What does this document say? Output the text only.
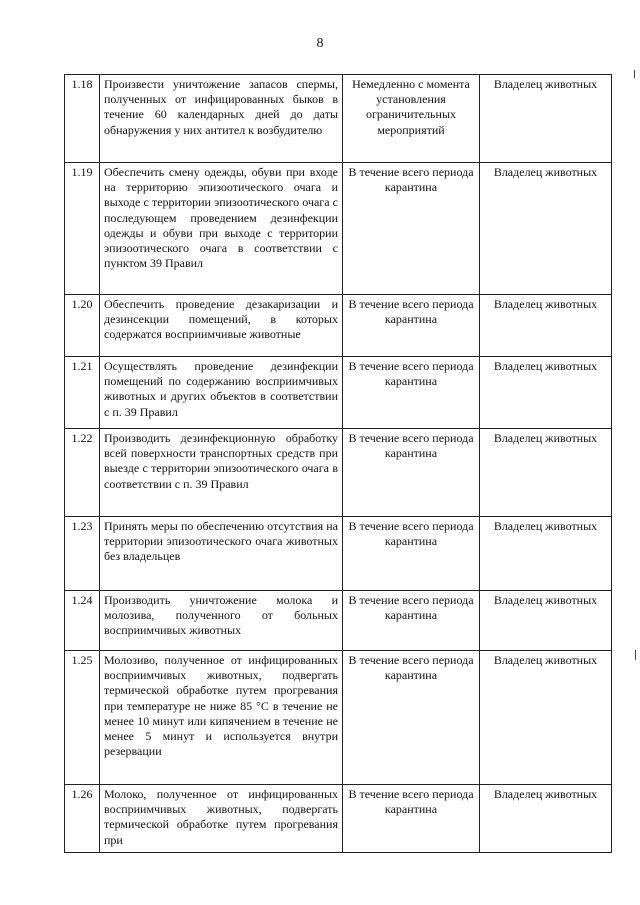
8
1.18	Произвести уничтожение запасов спермы, полученных от инфицированных быков в течение 60 календарных дней до даты обнаружения у них антител к возбудителю	Немедленно с момента установления ограничительных мероприятий	Владелец животных
1.19	Обеспечить смену одежды, обуви при входе на территорию эпизоотического очага и выходе с территории эпизоотического очага с последующем проведением дезинфекции одежды и обуви при выходе с территории эпизоотического очага в соответствии с пунктом 39 Правил	В течение всего периода карантина	Владелец животных
1.20	Обеспечить проведение дезакаризации и дезинсекции помещений, в которых содержатся восприимчивые животные	В течение всего периода карантина	Владелец животных
1.21	Осуществлять проведение дезинфекции помещений по содержанию восприимчивых животных и других объектов в соответствии с п. 39 Правил	В течение всего периода карантина	Владелец животных
1.22	Производить дезинфекционную обработку всей поверхности транспортных средств при выезде с территории эпизоотического очага в соответствии с п. 39 Правил	В течение всего периода карантина	Владелец животных
1.23	Принять меры по обеспечению отсутствия на территории эпизоотического очага животных без владельцев	В течение всего периода карантина	Владелец животных
1.24	Производить уничтожение молока и молозива, полученного от больных восприимчивых животных	В течение всего периода карантина	Владелец животных
1.25	Молозиво, полученное от инфицированных восприимчивых животных, подвергать термической обработке путем прогревания при температуре не ниже 85 °С в течение не менее 10 минут или кипячением в течение не менее 5 минут и используется внутри резервации	В течение всего периода карантина	Владелец животных
1.26	Молоко, полученное от инфицированных восприимчивых животных, подвергать термической обработке путем прогревания при	В течение всего периода карантина	Владелец животных
